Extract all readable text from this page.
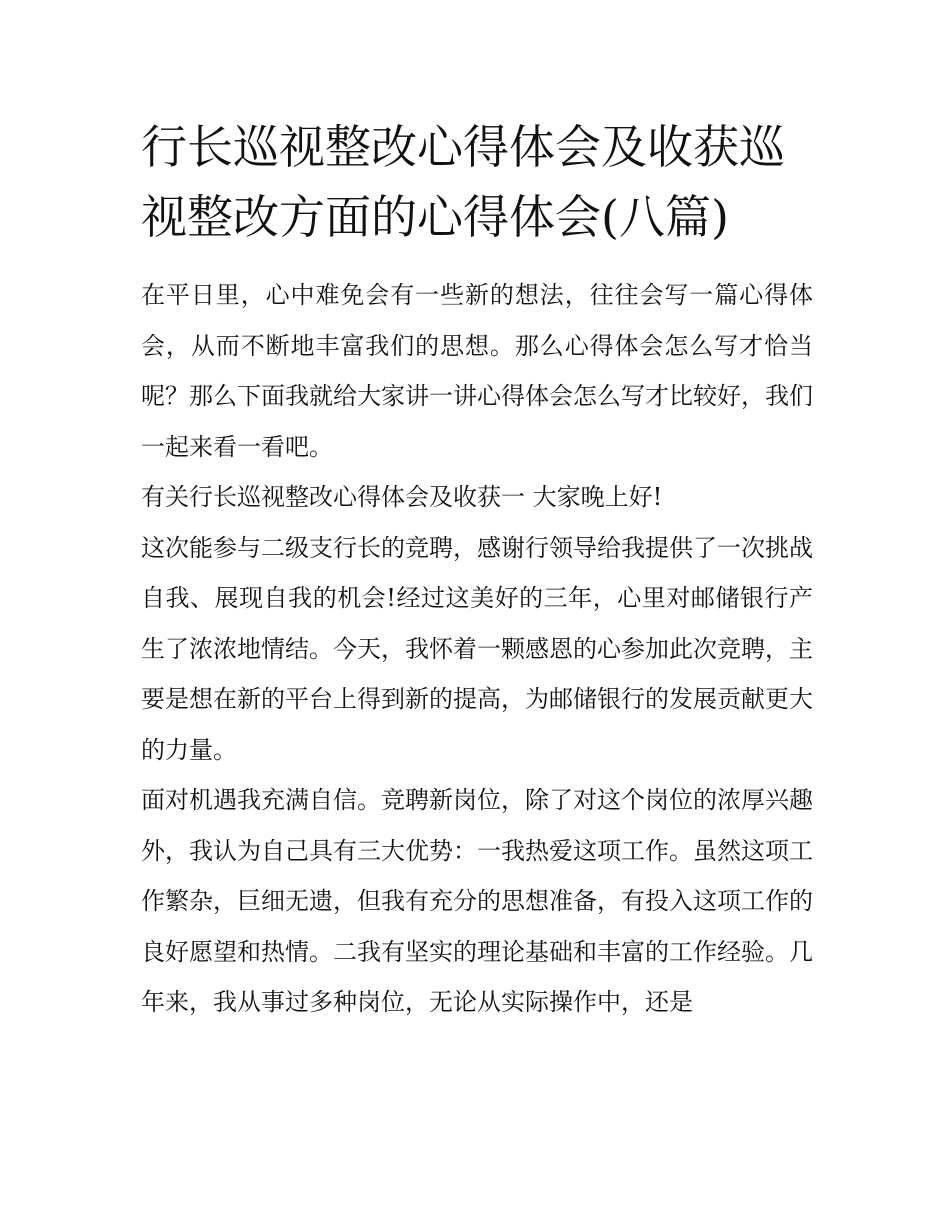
行长巡视整改心得体会及收获巡视整改方面的心得体会(八篇)

在平日里，心中难免会有一些新的想法，往往会写一篇心得体会，从而不断地丰富我们的思想。那么心得体会怎么写才恰当呢？那么下面我就给大家讲一讲心得体会怎么写才比较好，我们一起来看一看吧。

有关行长巡视整改心得体会及收获一 大家晚上好!

这次能参与二级支行长的竞聘，感谢行领导给我提供了一次挑战自我、展现自我的机会!经过这美好的三年，心里对邮储银行产生了浓浓地情结。今天，我怀着一颗感恩的心参加此次竞聘，主要是想在新的平台上得到新的提高，为邮储银行的发展贡献更大的力量。

面对机遇我充满自信。竞聘新岗位，除了对这个岗位的浓厚兴趣外，我认为自己具有三大优势：一我热爱这项工作。虽然这项工作繁杂，巨细无遗，但我有充分的思想准备，有投入这项工作的良好愿望和热情。二我有坚实的理论基础和丰富的工作经验。几年来，我从事过多种岗位，无论从实际操作中，还是
